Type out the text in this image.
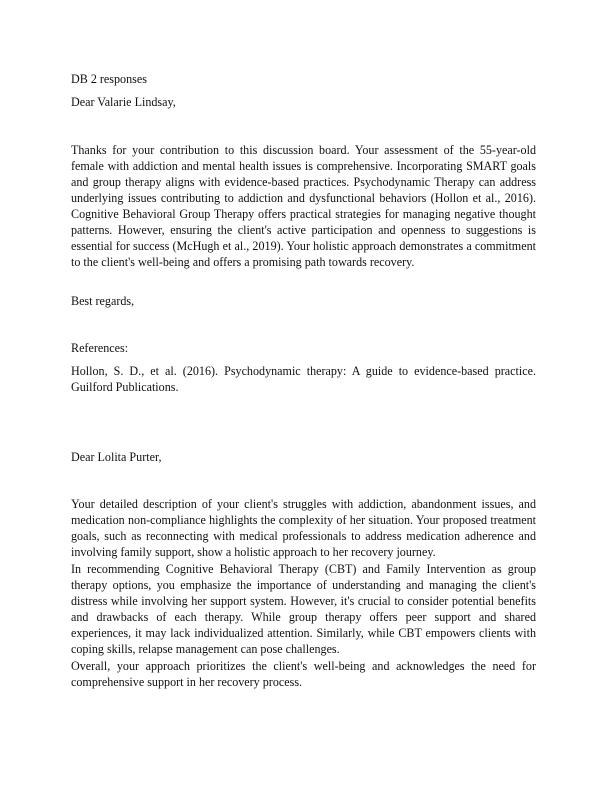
DB 2 responses
Dear Valarie Lindsay,

Thanks for your contribution to this discussion board. Your assessment of the 55-year-old female with addiction and mental health issues is comprehensive. Incorporating SMART goals and group therapy aligns with evidence-based practices. Psychodynamic Therapy can address underlying issues contributing to addiction and dysfunctional behaviors (Hollon et al., 2016). Cognitive Behavioral Group Therapy offers practical strategies for managing negative thought patterns. However, ensuring the client's active participation and openness to suggestions is essential for success (McHugh et al., 2019). Your holistic approach demonstrates a commitment to the client's well-being and offers a promising path towards recovery.

Best regards,
References:

Hollon, S. D., et al. (2016). Psychodynamic therapy: A guide to evidence-based practice. Guilford Publications.

Dear Lolita Purter,

Your detailed description of your client's struggles with addiction, abandonment issues, and medication non-compliance highlights the complexity of her situation. Your proposed treatment goals, such as reconnecting with medical professionals to address medication adherence and involving family support, show a holistic approach to her recovery journey.

In recommending Cognitive Behavioral Therapy (CBT) and Family Intervention as group therapy options, you emphasize the importance of understanding and managing the client's distress while involving her support system. However, it's crucial to consider potential benefits and drawbacks of each therapy. While group therapy offers peer support and shared experiences, it may lack individualized attention. Similarly, while CBT empowers clients with coping skills, relapse management can pose challenges.

Overall, your approach prioritizes the client's well-being and acknowledges the need for comprehensive support in her recovery process.
